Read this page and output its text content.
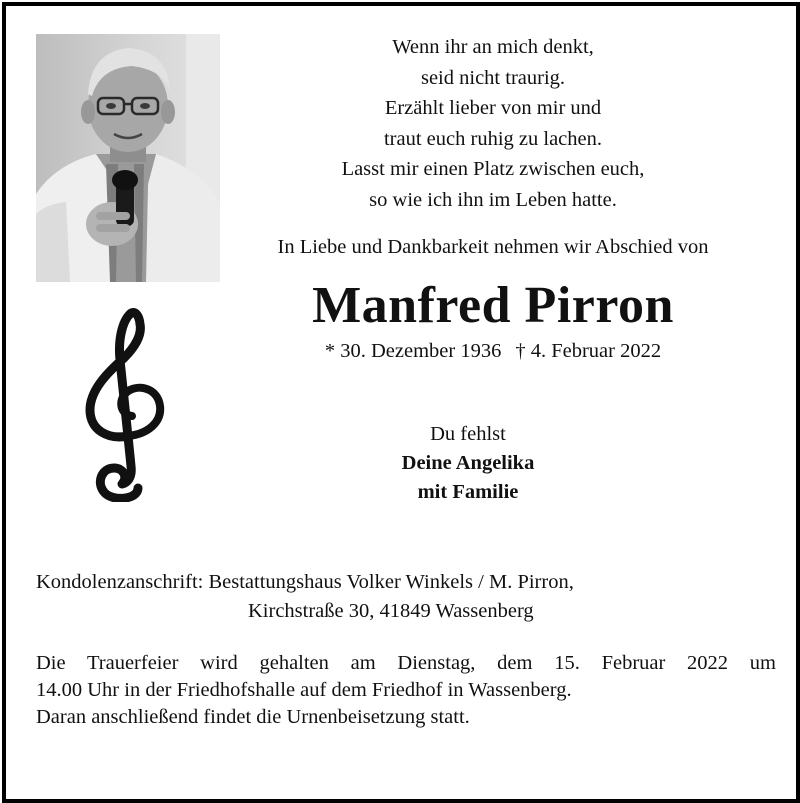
Wenn ihr an mich denkt,
seid nicht traurig.
Erzählt lieber von mir und
traut euch ruhig zu lachen.
Lasst mir einen Platz zwischen euch,
so wie ich ihn im Leben hatte.
In Liebe und Dankbarkeit nehmen wir Abschied von
Manfred Pirron
* 30. Dezember 1936 † 4. Februar 2022
Du fehlst
Deine Angelika
mit Familie
Kondolenzanschrift: Bestattungshaus Volker Winkels / M. Pirron,
Kirchstraße 30, 41849 Wassenberg
Die Trauerfeier wird gehalten am Dienstag, dem 15. Februar 2022 um
14.00 Uhr in der Friedhofshalle auf dem Friedhof in Wassenberg.
Daran anschließend findet die Urnenbeisetzung statt.
